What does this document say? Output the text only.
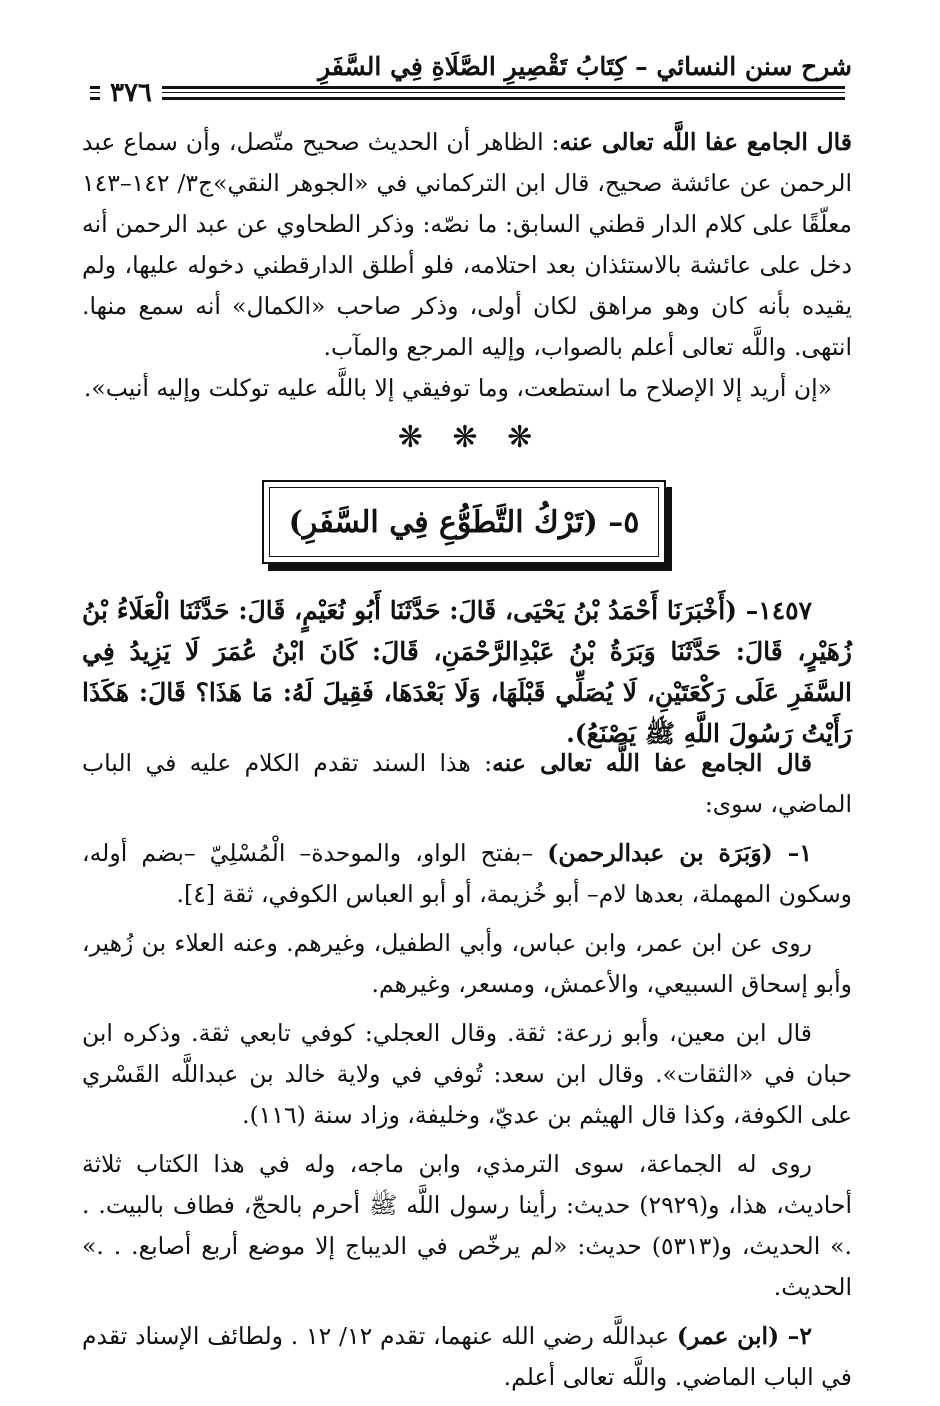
شرح سنن النسائي – كِتَابُ تَقْصِيرِ الصَّلَاةِ فِي السَّفَرِ
٣٧٦

قال الجامع عفا اللَّه تعالى عنه: الظاهر أن الحديث صحيح متّصل، وأن سماع عبد الرحمن عن عائشة صحيح، قال ابن التركماني في «الجوهر النقي»ج٣/ ١٤٢–١٤٣ معلّقًا على كلام الدار قطني السابق: ما نصّه: وذكر الطحاوي عن عبد الرحمن أنه دخل على عائشة بالاستئذان بعد احتلامه، فلو أطلق الدارقطني دخوله عليها، ولم يقيده بأنه كان وهو مراهق لكان أولى، وذكر صاحب «الكمال» أنه سمع منها. انتهى. واللَّه تعالى أعلم بالصواب، وإليه المرجع والمآب.

«إن أريد إلا الإصلاح ما استطعت، وما توفيقي إلا باللَّه عليه توكلت وإليه أنيب».

❋ ❋ ❋
٥– (تَرْكُ التَّطَوُّعِ فِي السَّفَرِ)

١٤٥٧– (أَخْبَرَنَا أَحْمَدُ بْنُ يَحْيَى، قَالَ: حَدَّثَنَا أَبُو نُعَيْمٍ، قَالَ: حَدَّثَنَا الْعَلَاءُ بْنُ زُهَيْرٍ، قَالَ: حَدَّثَنَا وَبَرَةُ بْنُ عَبْدِالرَّحْمَنِ، قَالَ: كَانَ ابْنُ عُمَرَ لَا يَزِيدُ فِي السَّفَرِ عَلَى رَكْعَتَيْنِ، لَا يُصَلِّي قَبْلَهَا، وَلَا بَعْدَهَا، فَقِيلَ لَهُ: مَا هَذَا؟ قَالَ: هَكَذَا رَأَيْتُ رَسُولَ اللَّهِ ﷺ يَصْنَعُ).

قال الجامع عفا اللَّه تعالى عنه: هذا السند تقدم الكلام عليه في الباب الماضي، سوى:

١– (وَبَرَة بن عبدالرحمن) –بفتح الواو، والموحدة– الْمُسْلِيّ –بضم أوله، وسكون المهملة، بعدها لام– أبو خُزيمة، أو أبو العباس الكوفي، ثقة [٤].

روى عن ابن عمر، وابن عباس، وأبي الطفيل، وغيرهم. وعنه العلاء بن زُهير، وأبو إسحاق السبيعي، والأعمش، ومسعر، وغيرهم.

قال ابن معين، وأبو زرعة: ثقة. وقال العجلي: كوفي تابعي ثقة. وذكره ابن حبان في «الثقات». وقال ابن سعد: تُوفي في ولاية خالد بن عبداللَّه القَسْري على الكوفة، وكذا قال الهيثم بن عديّ، وخليفة، وزاد سنة (١١٦).

روى له الجماعة، سوى الترمذي، وابن ماجه، وله في هذا الكتاب ثلاثة أحاديث، هذا، و(٢٩٢٩) حديث: رأينا رسول اللَّه ﷺ أحرم بالحجّ، فطاف بالبيت. . .» الحديث، و(٥٣١٣) حديث: «لم يرخّص في الديباج إلا موضع أربع أصابع. . .» الحديث.

٢– (ابن عمر) عبداللَّه رضي الله عنهما، تقدم ١٢/ ١٢ . ولطائف الإسناد تقدم في الباب الماضي. واللَّه تعالى أعلم.
